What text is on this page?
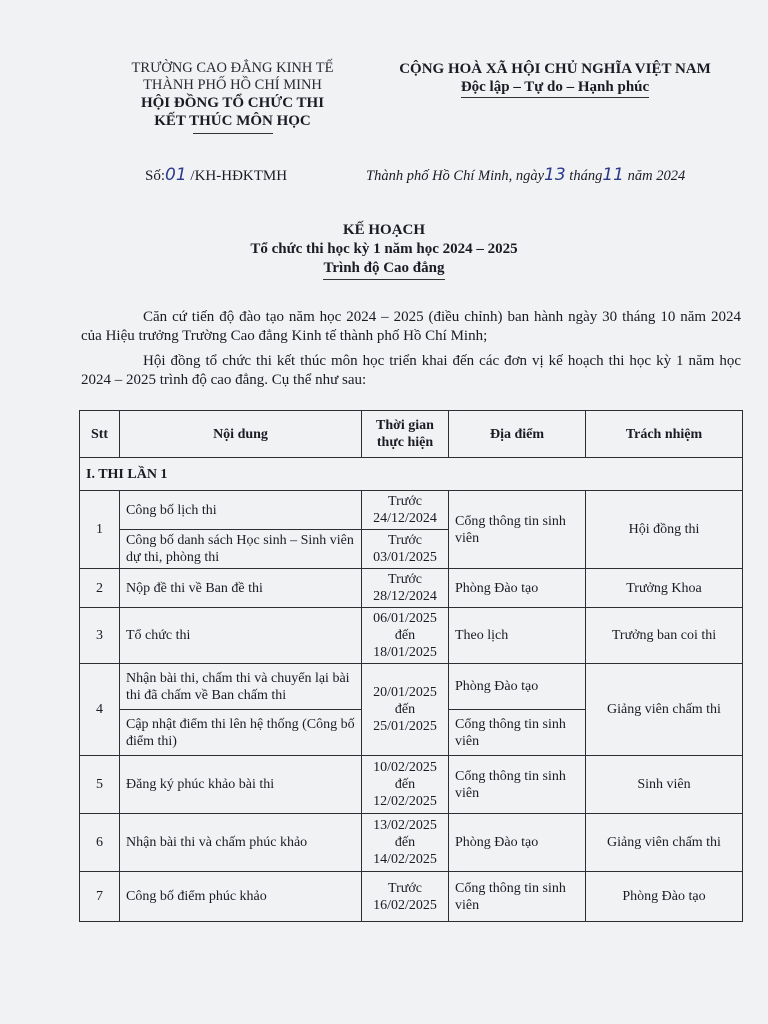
TRƯỜNG CAO ĐẲNG KINH TẾ
THÀNH PHỐ HỒ CHÍ MINH
HỘI ĐỒNG TỔ CHỨC THI
KẾT THÚC MÔN HỌC
CỘNG HOÀ XÃ HỘI CHỦ NGHĨA VIỆT NAM
Độc lập – Tự do – Hạnh phúc
Số:01 /KH-HĐKTMH	Thành phố Hồ Chí Minh, ngày13 tháng11 năm 2024
KẾ HOẠCH
Tổ chức thi học kỳ 1 năm học 2024 – 2025
Trình độ Cao đẳng
Căn cứ tiến độ đào tạo năm học 2024 – 2025 (điều chỉnh) ban hành ngày 30 tháng 10 năm 2024 của Hiệu trưởng Trường Cao đẳng Kinh tế thành phố Hồ Chí Minh;
Hội đồng tổ chức thi kết thúc môn học triển khai đến các đơn vị kế hoạch thi học kỳ 1 năm học 2024 – 2025 trình độ cao đẳng. Cụ thể như sau:
Stt	Nội dung	Thời gian thực hiện	Địa điểm	Trách nhiệm
I. THI LẦN 1				
1	Công bố lịch thi	Trước 24/12/2024	Cổng thông tin sinh viên	Hội đồng thi
	Công bố danh sách Học sinh – Sinh viên dự thi, phòng thi	Trước 03/01/2025		
2	Nộp đề thi về Ban đề thi	Trước 28/12/2024	Phòng Đào tạo	Trưởng Khoa
3	Tổ chức thi	06/01/2025 đến 18/01/2025	Theo lịch	Trưởng ban coi thi
4	Nhận bài thi, chấm thi và chuyển lại bài thi đã chấm về Ban chấm thi	20/01/2025 đến 25/01/2025	Phòng Đào tạo	Giảng viên chấm thi
	Cập nhật điểm thi lên hệ thống (Công bố điểm thi)		Cổng thông tin sinh viên	
5	Đăng ký phúc khảo bài thi	10/02/2025 đến 12/02/2025	Cổng thông tin sinh viên	Sinh viên
6	Nhận bài thi và chấm phúc khảo	13/02/2025 đến 14/02/2025	Phòng Đào tạo	Giảng viên chấm thi
7	Công bố điểm phúc khảo	Trước 16/02/2025	Cổng thông tin sinh viên	Phòng Đào tạo
